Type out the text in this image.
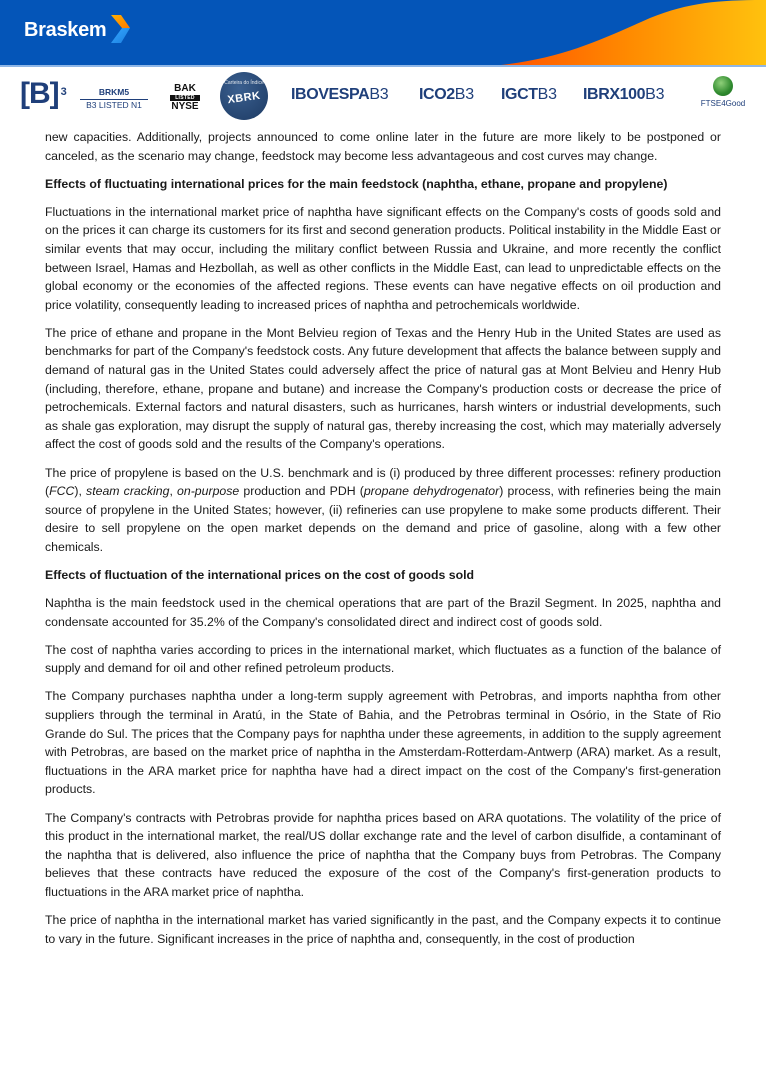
Braskem
[B] $^3$	BRKM5
B3 LISTED N1
BAK
LISTED
NYSE
Carteira do Índice
XBRK	IBOVESPAB3 ICO2B3 IGCTB3 IBRX100B3
FTSE4Good

new capacities. Additionally, projects announced to come online later in the future are more likely to be postponed or canceled, as the scenario may change, feedstock may become less advantageous and cost curves may change.

Effects of fluctuating international prices for the main feedstock (naphtha, ethane, propane and propylene)

Fluctuations in the international market price of naphtha have significant effects on the Company's costs of goods sold and on the prices it can charge its customers for its first and second generation products. Political instability in the Middle East or similar events that may occur, including the military conflict between Russia and Ukraine, and more recently the conflict between Israel, Hamas and Hezbollah, as well as other conflicts in the Middle East, can lead to unpredictable effects on the global economy or the economies of the affected regions. These events can have negative effects on oil production and price volatility, consequently leading to increased prices of naphtha and petrochemicals worldwide.

The price of ethane and propane in the Mont Belvieu region of Texas and the Henry Hub in the United States are used as benchmarks for part of the Company's feedstock costs. Any future development that affects the balance between supply and demand of natural gas in the United States could adversely affect the price of natural gas at Mont Belvieu and Henry Hub (including, therefore, ethane, propane and butane) and increase the Company's production costs or decrease the price of petrochemicals. External factors and natural disasters, such as hurricanes, harsh winters or industrial developments, such as shale gas exploration, may disrupt the supply of natural gas, thereby increasing the cost, which may materially adversely affect the cost of goods sold and the results of the Company's operations.

The price of propylene is based on the U.S. benchmark and is (i) produced by three different processes: refinery production (FCC), steam cracking, on-purpose production and PDH (propane dehydrogenator) process, with refineries being the main source of propylene in the United States; however, (ii) refineries can use propylene to make some products different. Their desire to sell propylene on the open market depends on the demand and price of gasoline, along with a few other chemicals.

Effects of fluctuation of the international prices on the cost of goods sold

Naphtha is the main feedstock used in the chemical operations that are part of the Brazil Segment. In 2025, naphtha and condensate accounted for 35.2% of the Company's consolidated direct and indirect cost of goods sold.

The cost of naphtha varies according to prices in the international market, which fluctuates as a function of the balance of supply and demand for oil and other refined petroleum products.

The Company purchases naphtha under a long-term supply agreement with Petrobras, and imports naphtha from other suppliers through the terminal in Aratú, in the State of Bahia, and the Petrobras terminal in Osório, in the State of Rio Grande do Sul. The prices that the Company pays for naphtha under these agreements, in addition to the supply agreement with Petrobras, are based on the market price of naphtha in the Amsterdam-Rotterdam-Antwerp (ARA) market. As a result, fluctuations in the ARA market price for naphtha have had a direct impact on the cost of the Company's first-generation products.

The Company's contracts with Petrobras provide for naphtha prices based on ARA quotations. The volatility of the price of this product in the international market, the real/US dollar exchange rate and the level of carbon disulfide, a contaminant of the naphtha that is delivered, also influence the price of naphtha that the Company buys from Petrobras. The Company believes that these contracts have reduced the exposure of the cost of the Company's first-generation products to fluctuations in the ARA market price of naphtha.

The price of naphtha in the international market has varied significantly in the past, and the Company expects it to continue to vary in the future. Significant increases in the price of naphtha and, consequently, in the cost of production
